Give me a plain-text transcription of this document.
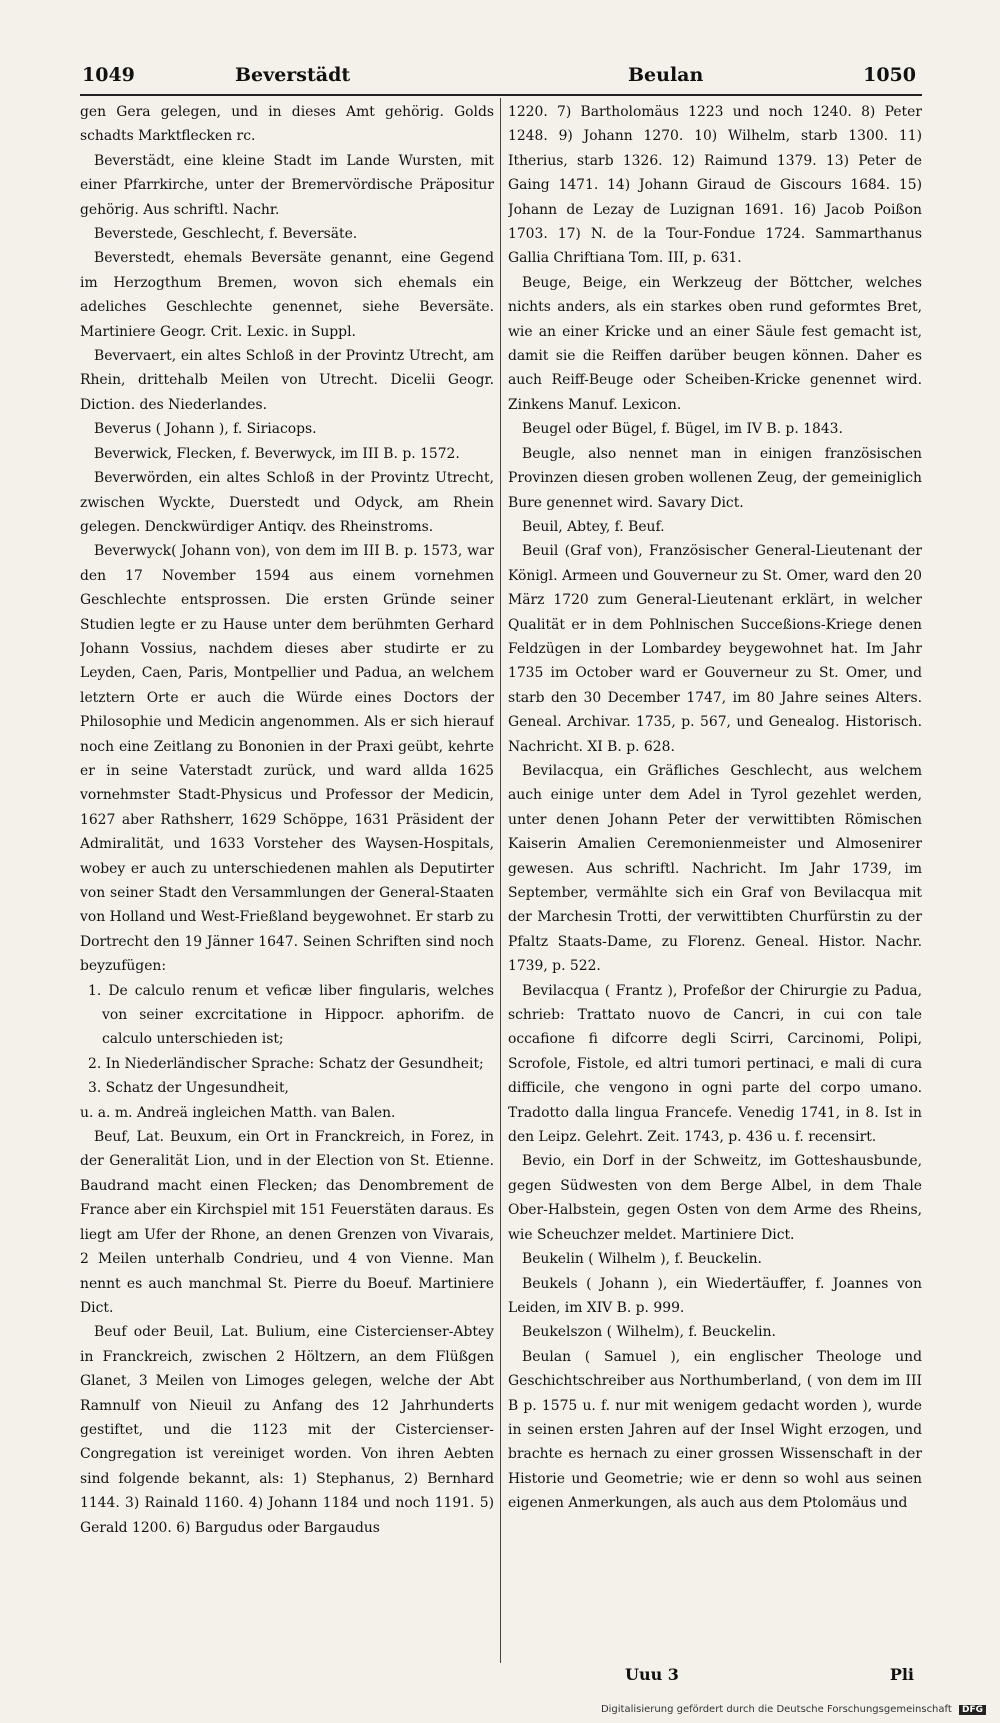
1049	Beverstädt	Beulan	1050

gen Gera gelegen, und in dieses Amt gehörig. Golds schadts Marktflecken rc.

Beverstädt, eine kleine Stadt im Lande Wursten, mit einer Pfarrkirche, unter der Bremervördische Präpositur gehörig. Aus schriftl. Nachr.

Beverstede, Geschlecht, f. Beversäte.

Beverstedt, ehemals Beversäte genannt, eine Gegend im Herzogthum Bremen, wovon sich ehemals ein adeliches Geschlechte genennet, siehe Beversäte. Martiniere Geogr. Crit. Lexic. in Suppl.

Bevervaert, ein altes Schloß in der Provintz Utrecht, am Rhein, drittehalb Meilen von Utrecht. Dicelii Geogr. Diction. des Niederlandes.

Beverus ( Johann ), f. Siriacops.

Beverwick, Flecken, f. Beverwyck, im III B. p. 1572.

Beverwörden, ein altes Schloß in der Provintz Utrecht, zwischen Wyckte, Duerstedt und Odyck, am Rhein gelegen. Denckwürdiger Antiqv. des Rheinstroms.

Beverwyck( Johann von), von dem im III B. p. 1573, war den 17 November 1594 aus einem vornehmen Geschlechte entsprossen. Die ersten Gründe seiner Studien legte er zu Hause unter dem berühmten Gerhard Johann Vossius, nachdem dieses aber studirte er zu Leyden, Caen, Paris, Montpellier und Padua, an welchem letztern Orte er auch die Würde eines Doctors der Philosophie und Medicin angenommen. Als er sich hierauf noch eine Zeitlang zu Bononien in der Praxi geübt, kehrte er in seine Vaterstadt zurück, und ward allda 1625 vornehmster Stadt-Physicus und Professor der Medicin, 1627 aber Rathsherr, 1629 Schöppe, 1631 Präsident der Admiralität, und 1633 Vorsteher des Waysen-Hospitals, wobey er auch zu unterschiedenen mahlen als Deputirter von seiner Stadt den Versammlungen der General-Staaten von Holland und West-Frießland beygewohnet. Er starb zu Dortrecht den 19 Jänner 1647. Seinen Schriften sind noch beyzufügen:

1. De calculo renum et veficæ liber fingularis, welches von seiner excrcitatione in Hippocr. aphorifm. de calculo unterschieden ist;

2. In Niederländischer Sprache: Schatz der Gesundheit;

3. Schatz der Ungesundheit,

u. a. m. Andreä ingleichen Matth. van Balen.

Beuf, Lat. Beuxum, ein Ort in Franckreich, in Forez, in der Generalität Lion, und in der Election von St. Etienne. Baudrand macht einen Flecken; das Denombrement de France aber ein Kirchspiel mit 151 Feuerstäten daraus. Es liegt am Ufer der Rhone, an denen Grenzen von Vivarais, 2 Meilen unterhalb Condrieu, und 4 von Vienne. Man nennt es auch manchmal St. Pierre du Boeuf. Martiniere Dict.

Beuf oder Beuil, Lat. Bulium, eine Cistercienser-Abtey in Franckreich, zwischen 2 Höltzern, an dem Flüßgen Glanet, 3 Meilen von Limoges gelegen, welche der Abt Ramnulf von Nieuil zu Anfang des 12 Jahrhunderts gestiftet, und die 1123 mit der Cistercienser-Congregation ist vereiniget worden. Von ihren Aebten sind folgende bekannt, als: 1) Stephanus, 2) Bernhard 1144. 3) Rainald 1160. 4) Johann 1184 und noch 1191. 5) Gerald 1200. 6) Bargudus oder Bargaudus

1220. 7) Bartholomäus 1223 und noch 1240. 8) Peter 1248. 9) Johann 1270. 10) Wilhelm, starb 1300. 11) Itherius, starb 1326. 12) Raimund 1379. 13) Peter de Gaing 1471. 14) Johann Giraud de Giscours 1684. 15) Johann de Lezay de Luzignan 1691. 16) Jacob Poißon 1703. 17) N. de la Tour-Fondue 1724. Sammarthanus Gallia Chriftiana Tom. III, p. 631.

Beuge, Beige, ein Werkzeug der Böttcher, welches nichts anders, als ein starkes oben rund geformtes Bret, wie an einer Kricke und an einer Säule fest gemacht ist, damit sie die Reiffen darüber beugen können. Daher es auch Reiff-Beuge oder Scheiben-Kricke genennet wird. Zinkens Manuf. Lexicon.

Beugel oder Bügel, f. Bügel, im IV B. p. 1843.

Beugle, also nennet man in einigen französischen Provinzen diesen groben wollenen Zeug, der gemeiniglich Bure genennet wird. Savary Dict.

Beuil, Abtey, f. Beuf.

Beuil (Graf von), Französischer General-Lieutenant der Königl. Armeen und Gouverneur zu St. Omer, ward den 20 März 1720 zum General-Lieutenant erklärt, in welcher Qualität er in dem Pohlnischen Succeßions-Kriege denen Feldzügen in der Lombardey beygewohnet hat. Im Jahr 1735 im October ward er Gouverneur zu St. Omer, und starb den 30 December 1747, im 80 Jahre seines Alters. Geneal. Archivar. 1735, p. 567, und Genealog. Historisch. Nachricht. XI B. p. 628.

Bevilacqua, ein Gräfliches Geschlecht, aus welchem auch einige unter dem Adel in Tyrol gezehlet werden, unter denen Johann Peter der verwittibten Römischen Kaiserin Amalien Ceremonienmeister und Almosenirer gewesen. Aus schriftl. Nachricht. Im Jahr 1739, im September, vermählte sich ein Graf von Bevilacqua mit der Marchesin Trotti, der verwittibten Churfürstin zu der Pfaltz Staats-Dame, zu Florenz. Geneal. Histor. Nachr. 1739, p. 522.

Bevilacqua ( Frantz ), Profeßor der Chirurgie zu Padua, schrieb: Trattato nuovo de Cancri, in cui con tale occafione fi difcorre degli Scirri, Carcinomi, Polipi, Scrofole, Fistole, ed altri tumori pertinaci, e mali di cura difficile, che vengono in ogni parte del corpo umano. Tradotto dalla lingua Francefe. Venedig 1741, in 8. Ist in den Leipz. Gelehrt. Zeit. 1743, p. 436 u. f. recensirt.

Bevio, ein Dorf in der Schweitz, im Gotteshausbunde, gegen Südwesten von dem Berge Albel, in dem Thale Ober-Halbstein, gegen Osten von dem Arme des Rheins, wie Scheuchzer meldet. Martiniere Dict.

Beukelin ( Wilhelm ), f. Beuckelin.

Beukels ( Johann ), ein Wiedertäuffer, f. Joannes von Leiden, im XIV B. p. 999.

Beukelszon ( Wilhelm), f. Beuckelin.

Beulan ( Samuel ), ein englischer Theologe und Geschichtschreiber aus Northumberland, ( von dem im III B p. 1575 u. f. nur mit wenigem gedacht worden ), wurde in seinen ersten Jahren auf der Insel Wight erzogen, und brachte es hernach zu einer grossen Wissenschaft in der Historie und Geometrie; wie er denn so wohl aus seinen eigenen Anmerkungen, als auch aus dem Ptolomäus und

Uuu 3	Pli
Digitalisierung gefördert durch die Deutsche Forschungsgemeinschaft DFG
